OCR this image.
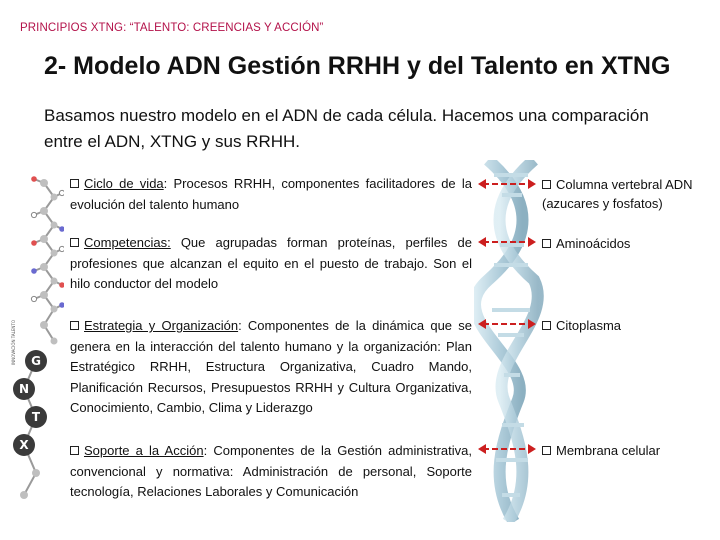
PRINCIPIOS XTNG: “TALENTO: CREENCIAS Y ACCIÓN”
2- Modelo ADN Gestión RRHH y del Talento en XTNG
Basamos nuestro modelo en el ADN de cada célula. Hacemos una comparación entre el ADN, XTNG y sus RRHH.
G
N
T
X
INNOVACIÓN TALENTO
Ciclo de vida: Procesos RRHH, componentes facilitadores de la evolución del talento humano
Competencias: Que agrupadas forman proteínas, perfiles de profesiones que alcanzan el equito en el puesto de trabajo. Son el hilo conductor del modelo
Estrategia y Organización: Componentes de la dinámica que se genera en la interacción del talento humano y la organización: Plan Estratégico RRHH, Estructura Organizativa, Cuadro Mando, Planificación Recursos, Presupuestos RRHH y Cultura Organizativa, Conocimiento, Cambio, Clima y Liderazgo
Soporte a la Acción: Componentes de la Gestión administrativa, convencional y normativa: Administración de personal, Soporte tecnología, Relaciones Laborales y Comunicación
Columna vertebral ADN (azucares y fosfatos)
Aminoácidos
Citoplasma
Membrana celular
